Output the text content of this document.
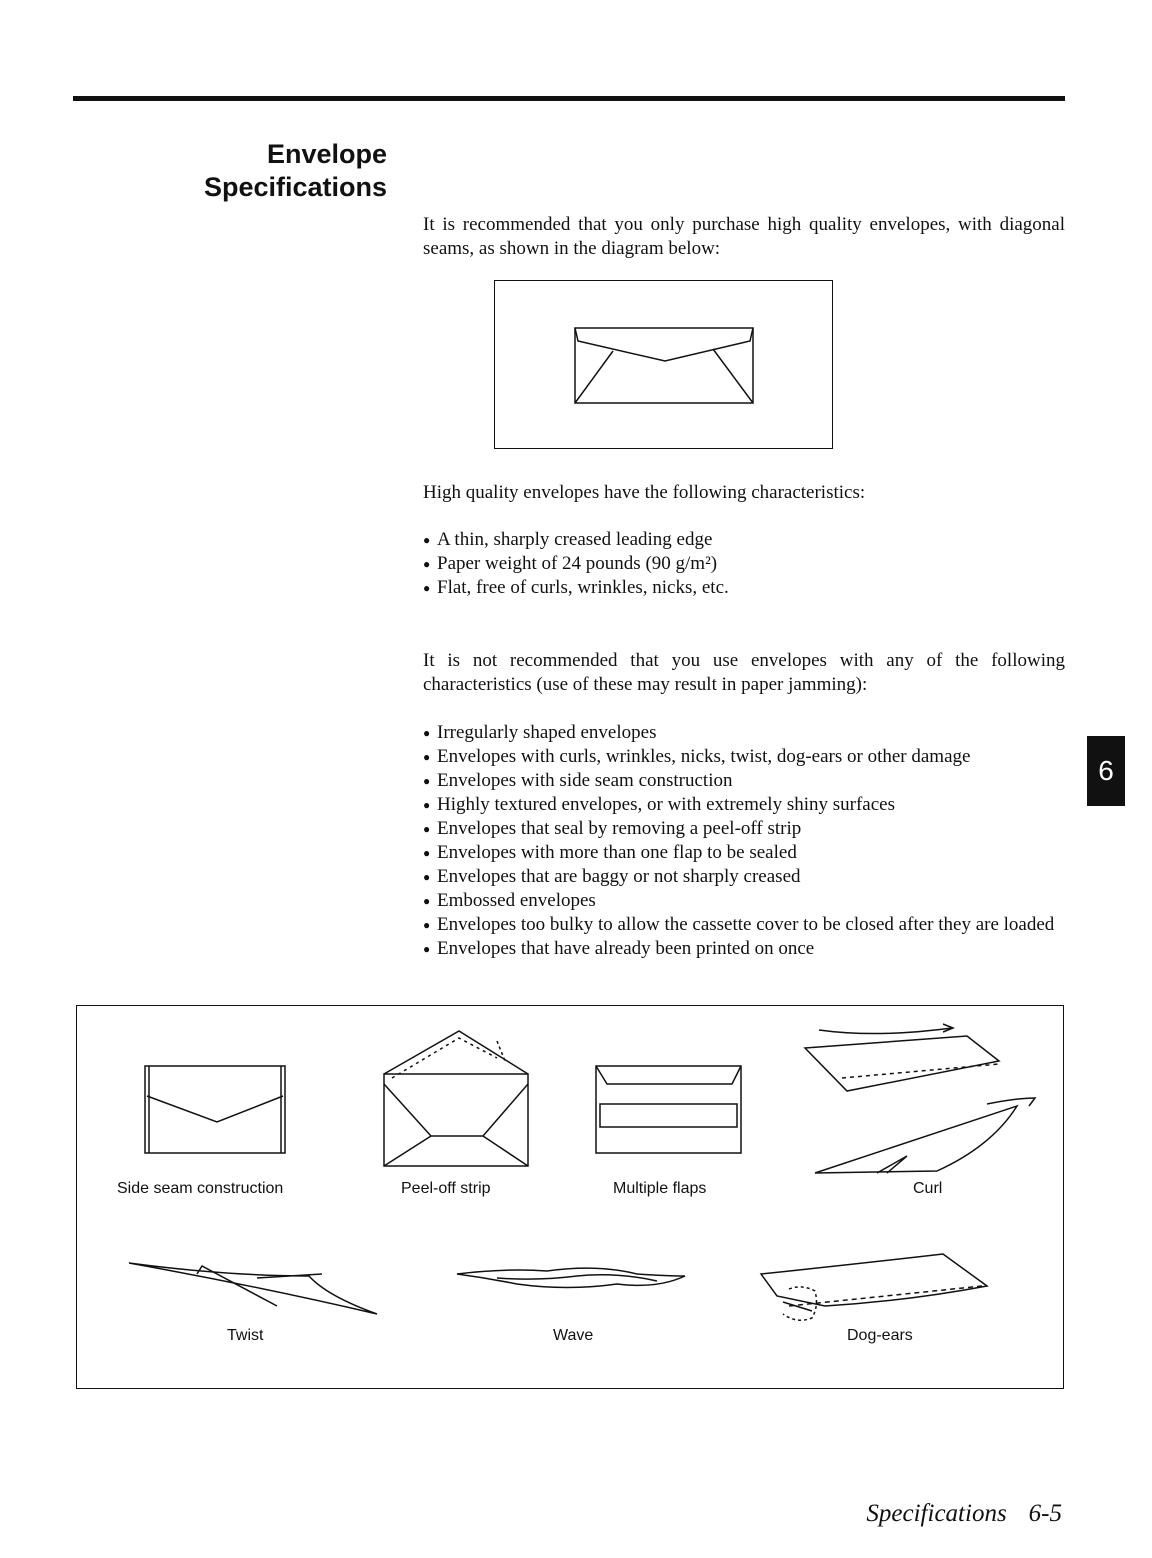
Envelope
Specifications

It is recommended that you only purchase high quality envelopes, with diagonal seams, as shown in the diagram below:

High quality envelopes have the following characteristics:

● A thin, sharply creased leading edge
● Paper weight of 24 pounds (90 g/m²)
● Flat, free of curls, wrinkles, nicks, etc.

It is not recommended that you use envelopes with any of the following characteristics (use of these may result in paper jamming):

● Irregularly shaped envelopes
● Envelopes with curls, wrinkles, nicks, twist, dog-ears or other damage
● Envelopes with side seam construction
● Highly textured envelopes, or with extremely shiny surfaces
● Envelopes that seal by removing a peel-off strip
● Envelopes with more than one flap to be sealed
● Envelopes that are baggy or not sharply creased
● Embossed envelopes
● Envelopes too bulky to allow the cassette cover to be closed after they are loaded
● Envelopes that have already been printed on once
6
Side seam construction	Peel-off strip	Multiple flaps	Curl
Twist	Wave	Dog-ears
Specifications 6-5
